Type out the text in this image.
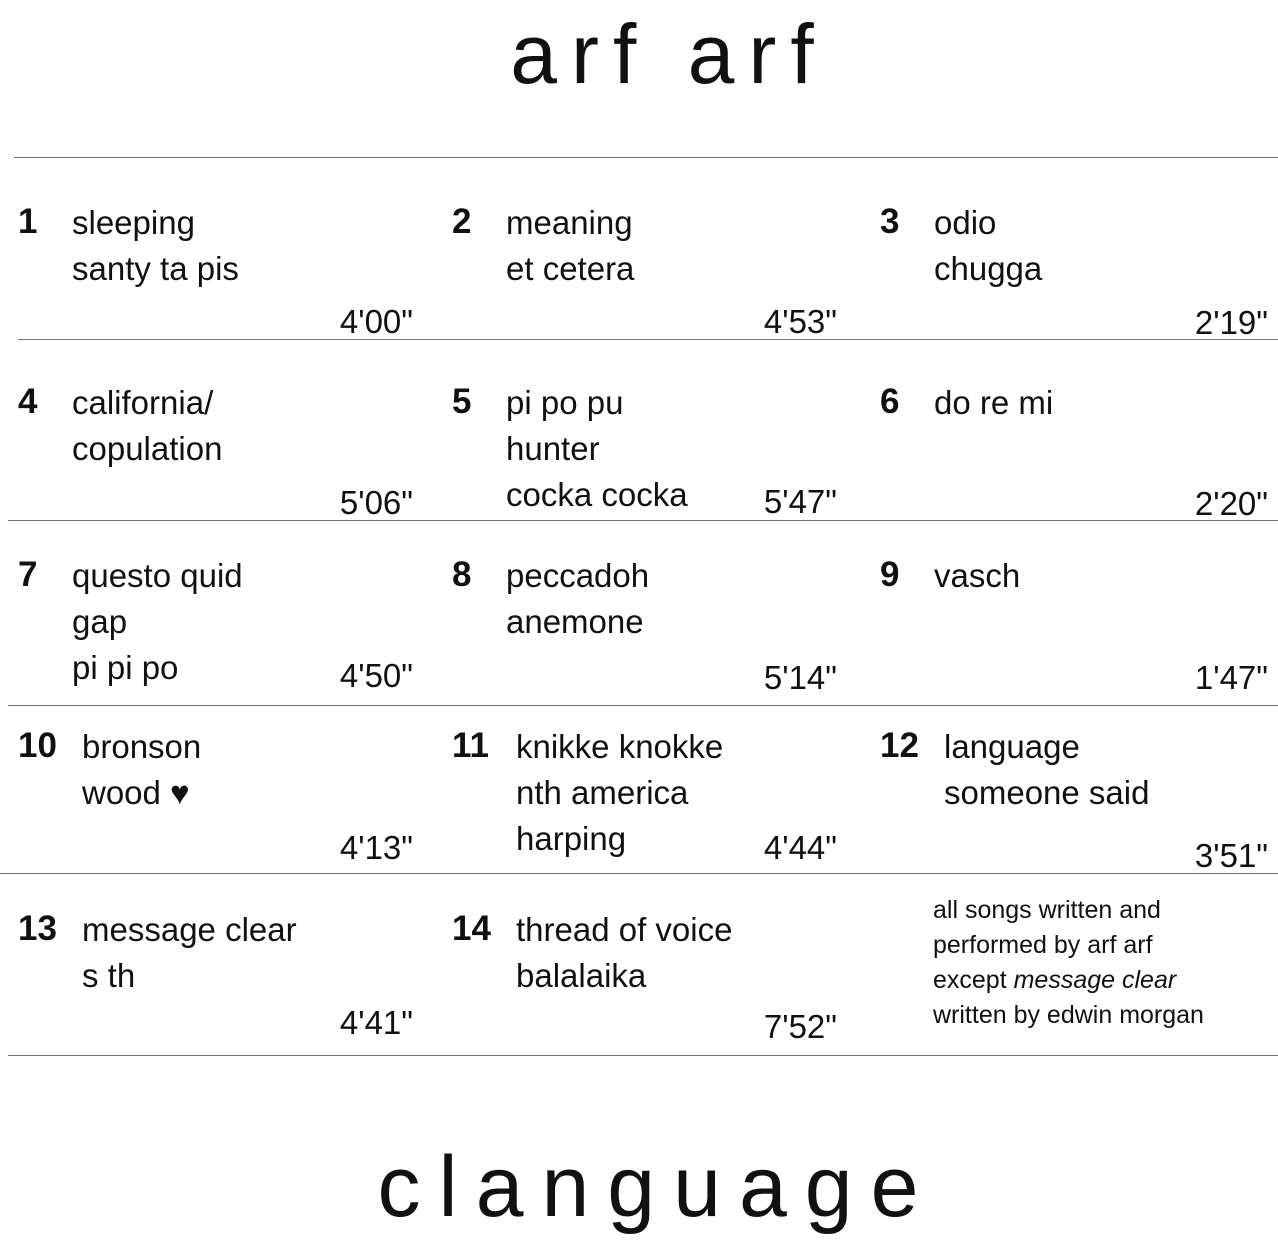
arf arf
1 sleeping
santy ta pis
4'00"
2 meaning
et cetera
4'53"
3 odio
chugga
2'19"
4 california/
copulation
5'06"
5 pi po pu
hunter
cocka cocka 5'47"
6 do re mi
2'20"
7 questo quid
gap
pi pi po	4'50"
8 peccadoh
anemone
5'14"
9 vasch
1'47"
10 bronson
wood ♥
4'13"
11 knikke knokke
nth america
harping	4'44"
12 language
someone said
3'51"
13 message clear
s th
4'41"
14 thread of voice
balalaika
7'52"
all songs written and
performed by arf arf
except message clear
written by edwin morgan
clanguage
